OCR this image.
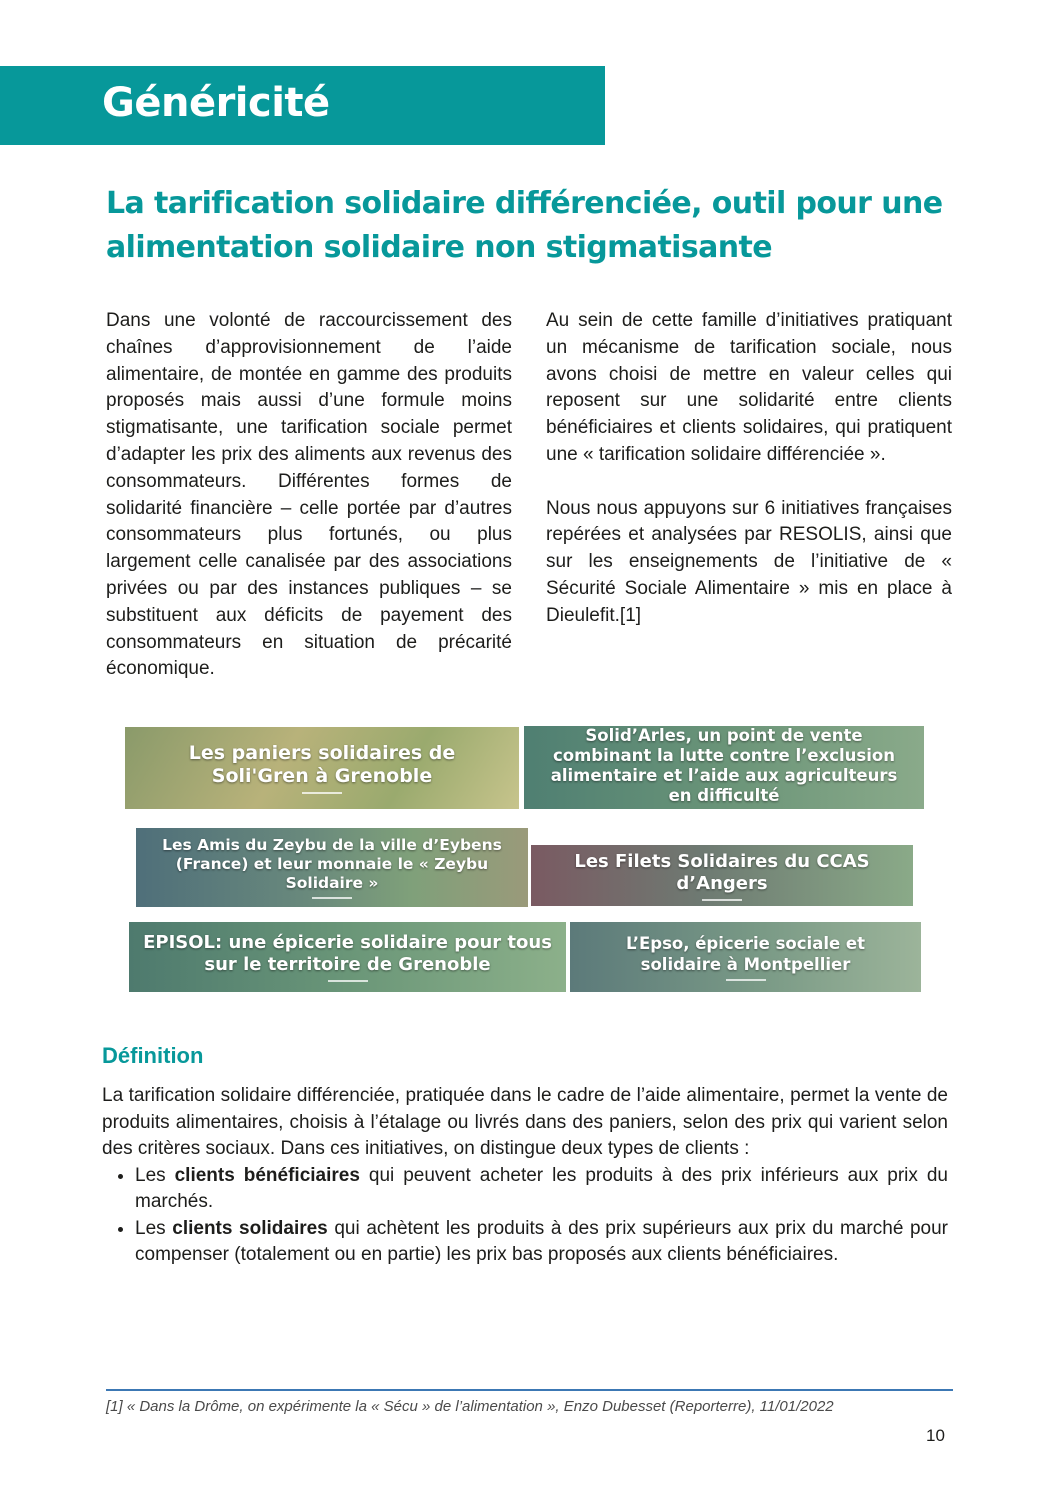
Généricité
La tarification solidaire différenciée, outil pour une alimentation solidaire non stigmatisante

Dans une volonté de raccourcissement des chaînes d’approvisionnement de l’aide alimentaire, de montée en gamme des produits proposés mais aussi d’une formule moins stigmatisante, une tarification sociale permet d’adapter les prix des aliments aux revenus des consommateurs. Différentes formes de solidarité financière – celle portée par d’autres consommateurs plus fortunés, ou plus largement celle canalisée par des associations privées ou par des instances publiques – se substituent aux déficits de payement des consommateurs en situation de précarité économique.

Au sein de cette famille d’initiatives pratiquant un mécanisme de tarification sociale, nous avons choisi de mettre en valeur celles qui reposent sur une solidarité entre clients bénéficiaires et clients solidaires, qui pratiquent une « tarification solidaire différenciée ».

Nous nous appuyons sur 6 initiatives françaises repérées et analysées par RESOLIS, ainsi que sur les enseignements de l’initiative de « Sécurité Sociale Alimentaire » mis en place à Dieulefit.[1]

Les paniers solidaires de Soli'Gren à Grenoble
Solid’Arles, un point de vente combinant la lutte contre l’exclusion alimentaire et l’aide aux agriculteurs en difficulté
Les Amis du Zeybu de la ville d’Eybens (France) et leur monnaie le « Zeybu Solidaire »
Les Filets Solidaires du CCAS d’Angers
EPISOL: une épicerie solidaire pour tous sur le territoire de Grenoble
L’Epso, épicerie sociale et solidaire à Montpellier
Définition

La tarification solidaire différenciée, pratiquée dans le cadre de l’aide alimentaire, permet la vente de produits alimentaires, choisis à l’étalage ou livrés dans des paniers, selon des prix qui varient selon des critères sociaux. Dans ces initiatives, on distingue deux types de clients :

• Les clients bénéficiaires qui peuvent acheter les produits à des prix inférieurs aux prix du marchés.
• Les clients solidaires qui achètent les produits à des prix supérieurs aux prix du marché pour compenser (totalement ou en partie) les prix bas proposés aux clients bénéficiaires.
[1] « Dans la Drôme, on expérimente la « Sécu » de l’alimentation », Enzo Dubesset (Reporterre), 11/01/2022
10
